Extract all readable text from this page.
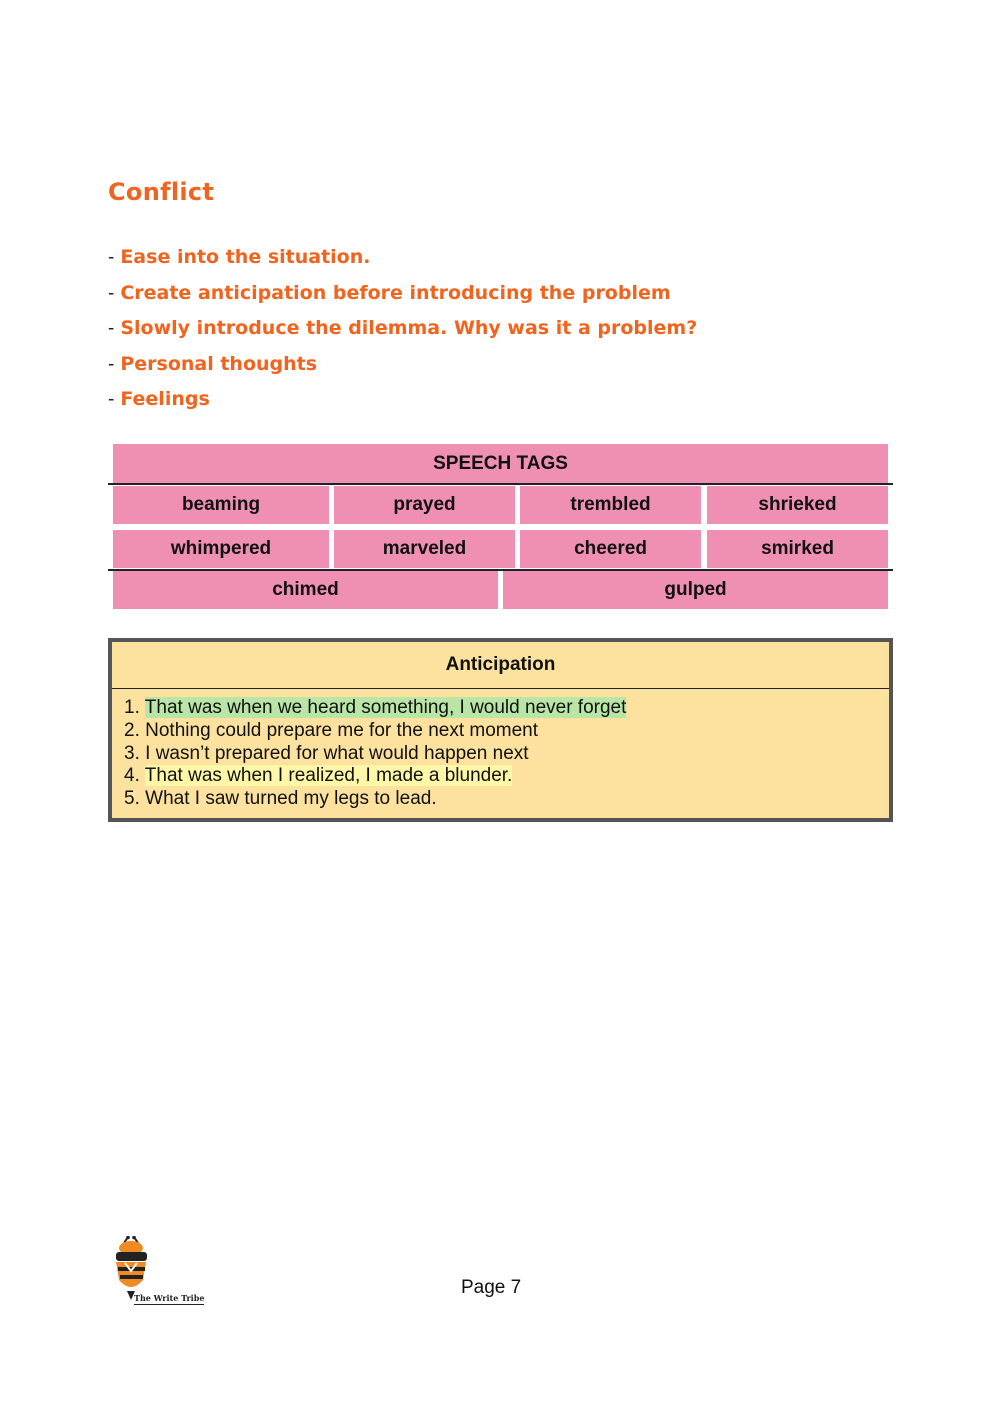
Conflict
- Ease into the situation.
- Create anticipation before introducing the problem
- Slowly introduce the dilemma. Why was it a problem?
- Personal thoughts
- Feelings
SPEECH TAGS
beaming	prayed	trembled	shrieked
whimpered	marveled	cheered	smirked
chimed	gulped
Anticipation
1. That was when we heard something, I would never forget
2. Nothing could prepare me for the next moment
3. I wasn’t prepared for what would happen next
4. That was when I realized, I made a blunder.
5. What I saw turned my legs to lead.
The Write Tribe	Page 7
